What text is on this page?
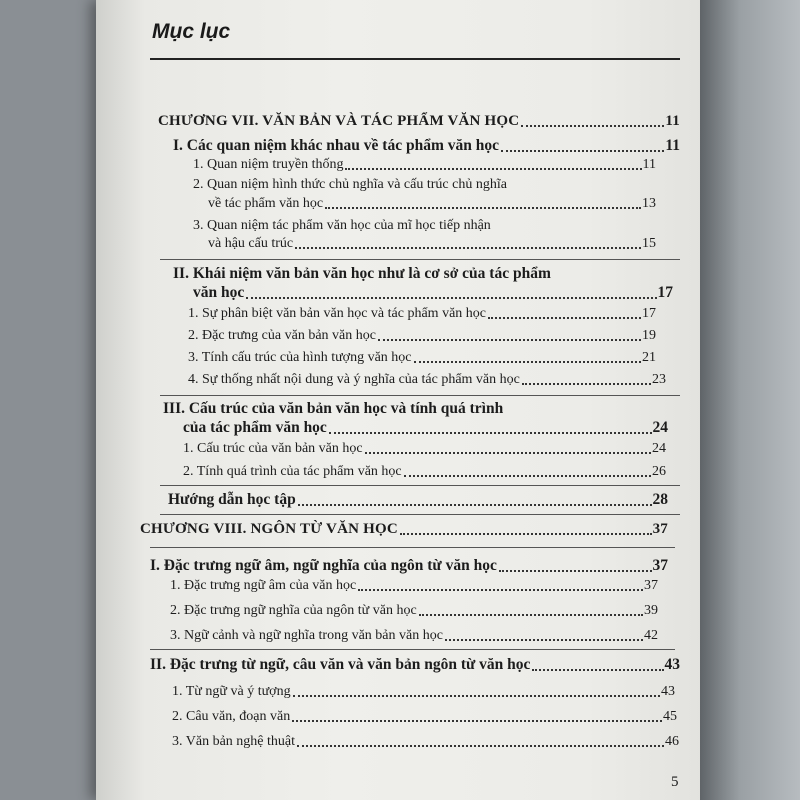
Mục lục
CHƯƠNG VII. VĂN BẢN VÀ TÁC PHẨM VĂN HỌC	11
I. Các quan niệm khác nhau về tác phẩm văn học	11
1. Quan niệm truyền thống	11
2. Quan niệm hình thức chủ nghĩa và cấu trúc chủ nghĩa
về tác phẩm văn học	13
3. Quan niệm tác phẩm văn học của mĩ học tiếp nhận
và hậu cấu trúc	15
II. Khái niệm văn bản văn học như là cơ sở của tác phẩm
văn học	17
1. Sự phân biệt văn bản văn học và tác phẩm văn học	17
2. Đặc trưng của văn bản văn học	19
3. Tính cấu trúc của hình tượng văn học	21
4. Sự thống nhất nội dung và ý nghĩa của tác phẩm văn học	23
III. Cấu trúc của văn bản văn học và tính quá trình
của tác phẩm văn học	24
1. Cấu trúc của văn bản văn học	24
2. Tính quá trình của tác phẩm văn học	26
Hướng dẫn học tập	28
CHƯƠNG VIII. NGÔN TỪ VĂN HỌC	37
I. Đặc trưng ngữ âm, ngữ nghĩa của ngôn từ văn học	37
1. Đặc trưng ngữ âm của văn học	37
2. Đặc trưng ngữ nghĩa của ngôn từ văn học	39
3. Ngữ cảnh và ngữ nghĩa trong văn bản văn học	42
II. Đặc trưng từ ngữ, câu văn và văn bản ngôn từ văn học	43
1. Từ ngữ và ý tượng	43
2. Câu văn, đoạn văn	45
3. Văn bản nghệ thuật	46
5
